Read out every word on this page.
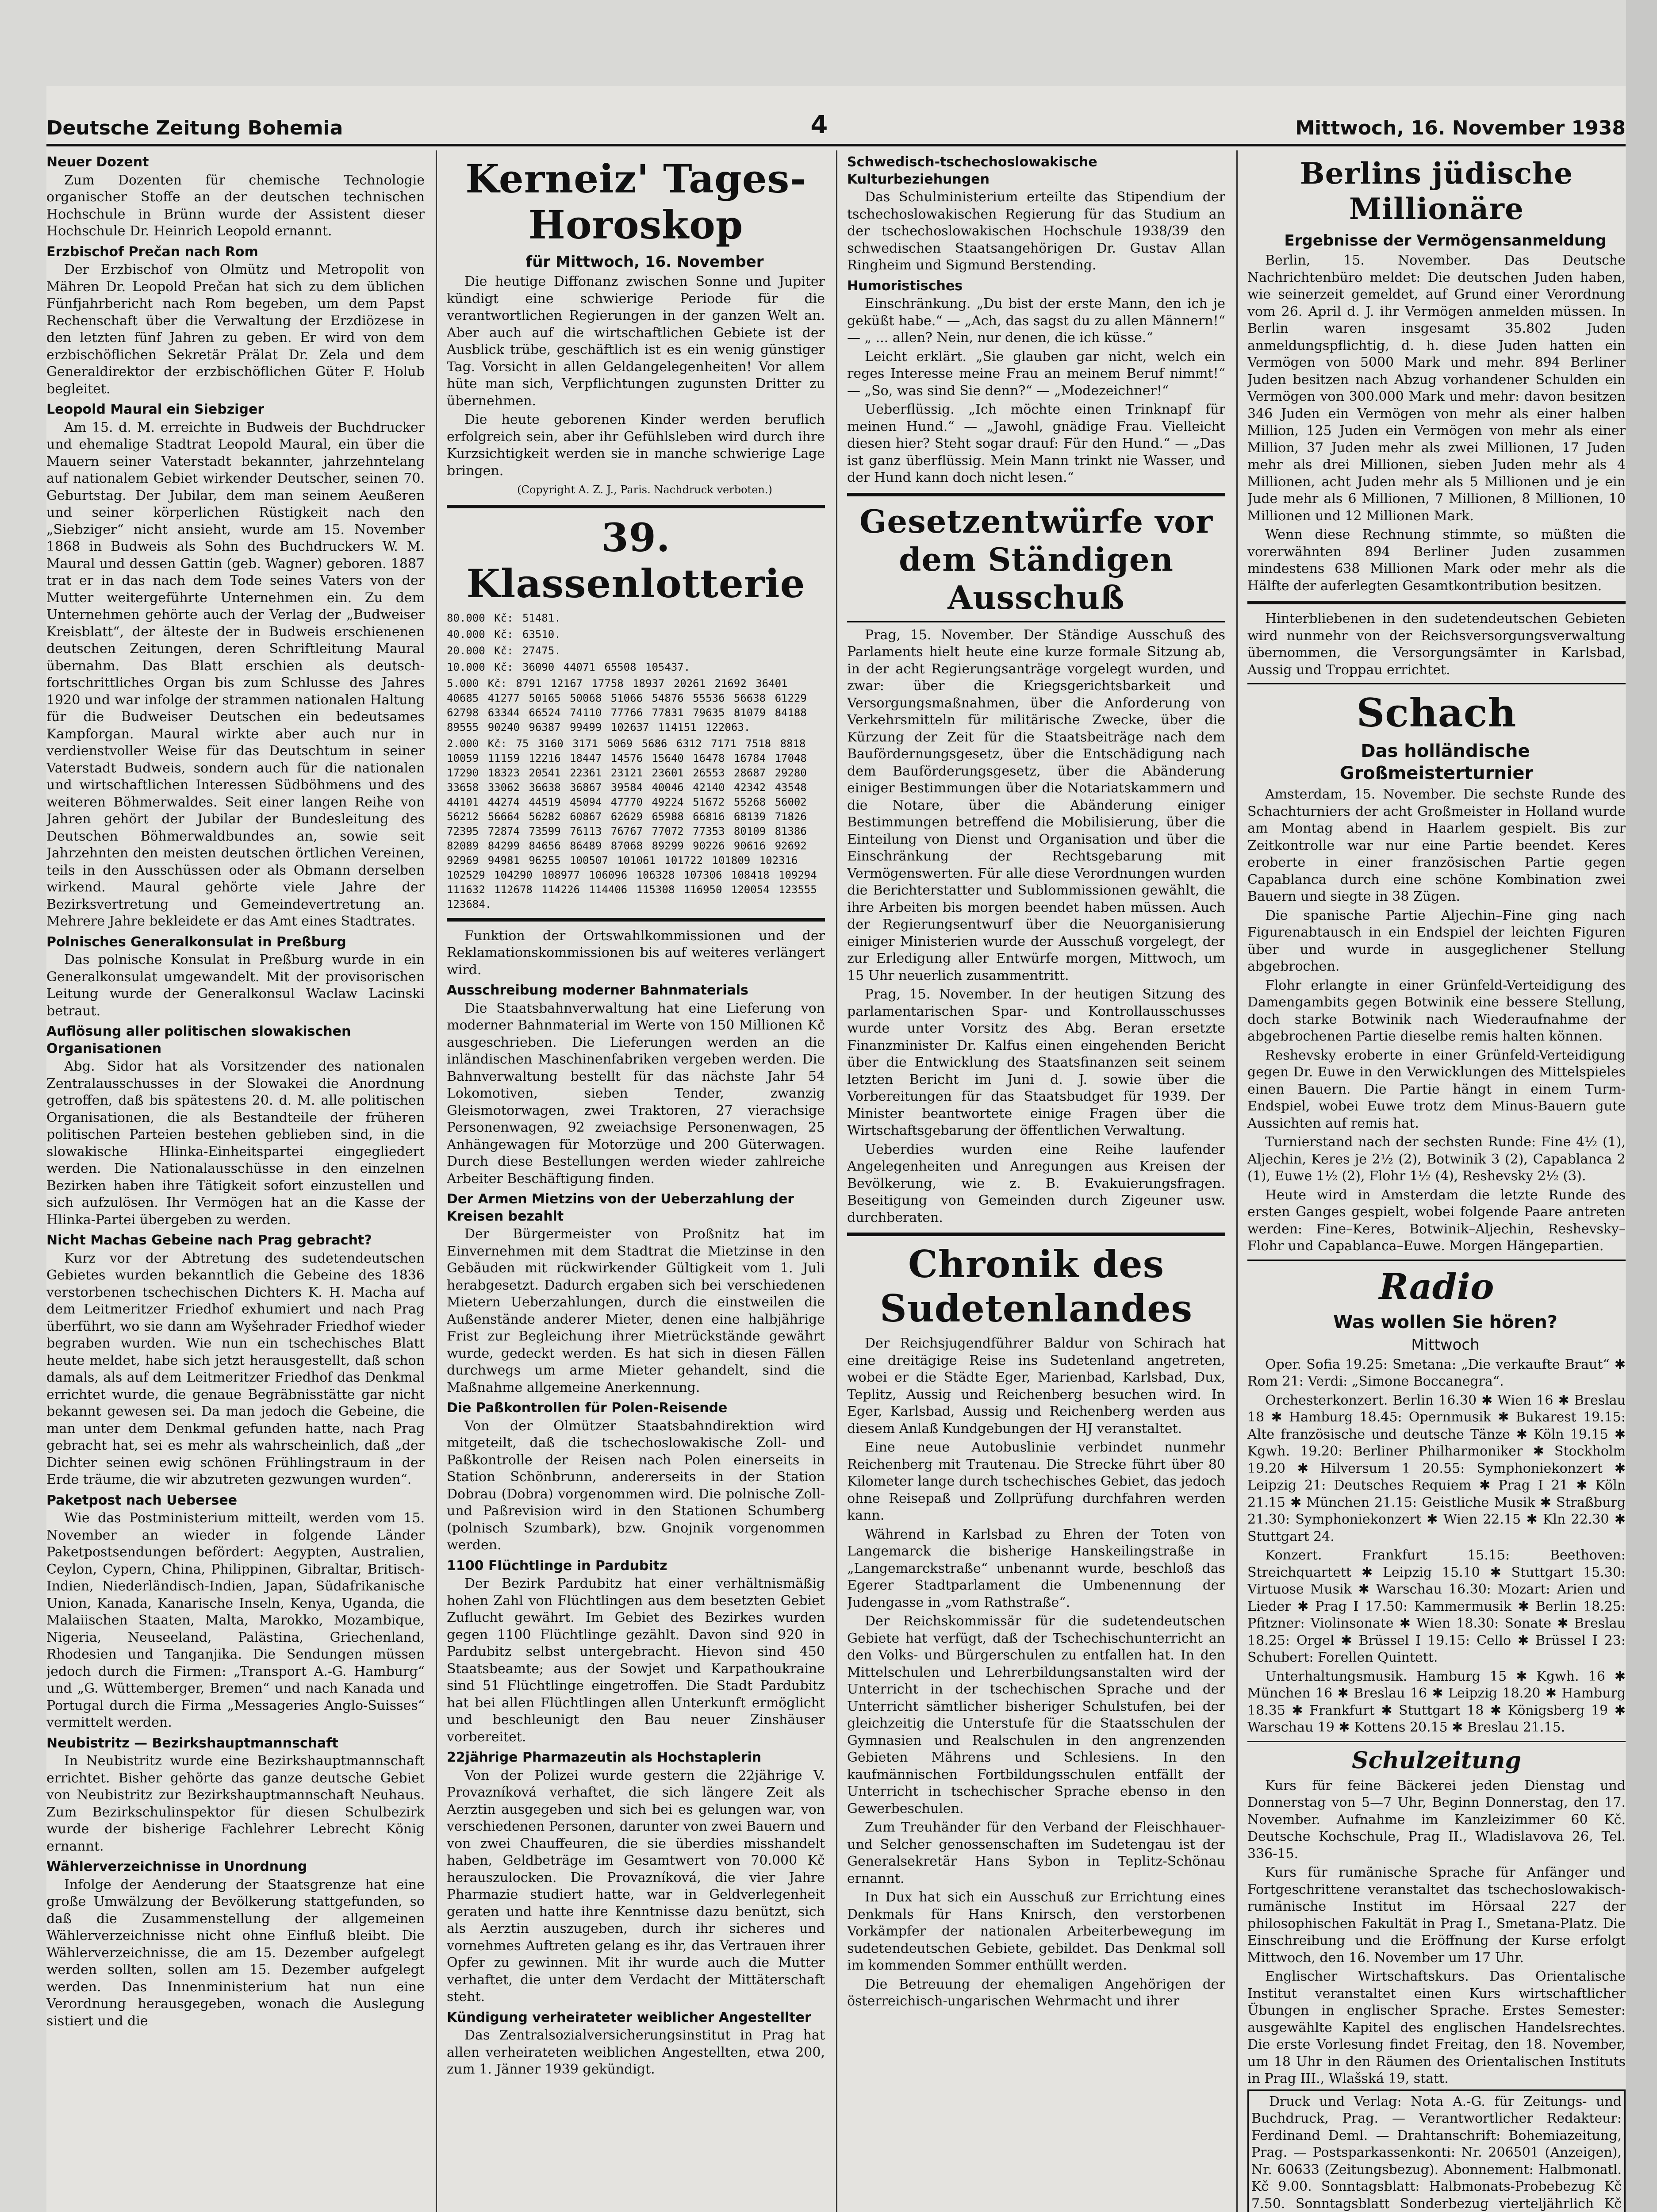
Deutsche Zeitung Bohemia	4	Mittwoch, 16. November 1938

Neuer Dozent

Zum Dozenten für chemische Technologie organischer Stoffe an der deutschen technischen Hochschule in Brünn wurde der Assistent dieser Hochschule Dr. Heinrich Leopold ernannt.

Erzbischof Prečan nach Rom

Der Erzbischof von Olmütz und Metropolit von Mähren Dr. Leopold Prečan hat sich zu dem üblichen Fünfjahrbericht nach Rom begeben, um dem Papst Rechenschaft über die Verwaltung der Erzdiözese in den letzten fünf Jahren zu geben. Er wird von dem erzbischöflichen Sekretär Prälat Dr. Zela und dem Generaldirektor der erzbischöflichen Güter F. Holub begleitet.

Leopold Maural ein Siebziger

Am 15. d. M. erreichte in Budweis der Buchdrucker und ehemalige Stadtrat Leopold Maural, ein über die Mauern seiner Vaterstadt bekannter, jahrzehntelang auf nationalem Gebiet wirkender Deutscher, seinen 70. Geburtstag. Der Jubilar, dem man seinem Aeußeren und seiner körperlichen Rüstigkeit nach den „Siebziger“ nicht ansieht, wurde am 15. November 1868 in Budweis als Sohn des Buchdruckers W. M. Maural und dessen Gattin (geb. Wagner) geboren. 1887 trat er in das nach dem Tode seines Vaters von der Mutter weitergeführte Unternehmen ein. Zu dem Unternehmen gehörte auch der Verlag der „Budweiser Kreisblatt“, der älteste der in Budweis erschienenen deutschen Zeitungen, deren Schriftleitung Maural übernahm. Das Blatt erschien als deutsch-fortschrittliches Organ bis zum Schlusse des Jahres 1920 und war infolge der strammen nationalen Haltung für die Budweiser Deutschen ein bedeutsames Kampforgan. Maural wirkte aber auch nur in verdienstvoller Weise für das Deutschtum in seiner Vaterstadt Budweis, sondern auch für die nationalen und wirtschaftlichen Interessen Südböhmens und des weiteren Böhmerwaldes. Seit einer langen Reihe von Jahren gehört der Jubilar der Bundesleitung des Deutschen Böhmerwaldbundes an, sowie seit Jahrzehnten den meisten deutschen örtlichen Vereinen, teils in den Ausschüssen oder als Obmann derselben wirkend. Maural gehörte viele Jahre der Bezirksvertretung und Gemeindevertretung an. Mehrere Jahre bekleidete er das Amt eines Stadtrates.

Polnisches Generalkonsulat in Preßburg

Das polnische Konsulat in Preßburg wurde in ein Generalkonsulat umgewandelt. Mit der provisorischen Leitung wurde der Generalkonsul Waclaw Lacinski betraut.

Auflösung aller politischen slowakischen Organisationen

Abg. Sidor hat als Vorsitzender des nationalen Zentralausschusses in der Slowakei die Anordnung getroffen, daß bis spätestens 20. d. M. alle politischen Organisationen, die als Bestandteile der früheren politischen Parteien bestehen geblieben sind, in die slowakische Hlinka-Einheitspartei eingegliedert werden. Die Nationalausschüsse in den einzelnen Bezirken haben ihre Tätigkeit sofort einzustellen und sich aufzulösen. Ihr Vermögen hat an die Kasse der Hlinka-Partei übergeben zu werden.

Nicht Machas Gebeine nach Prag gebracht?

Kurz vor der Abtretung des sudetendeutschen Gebietes wurden bekanntlich die Gebeine des 1836 verstorbenen tschechischen Dichters K. H. Macha auf dem Leitmeritzer Friedhof exhumiert und nach Prag überführt, wo sie dann am Wyšehrader Friedhof wieder begraben wurden. Wie nun ein tschechisches Blatt heute meldet, habe sich jetzt herausgestellt, daß schon damals, als auf dem Leitmeritzer Friedhof das Denkmal errichtet wurde, die genaue Begräbnisstätte gar nicht bekannt gewesen sei. Da man jedoch die Gebeine, die man unter dem Denkmal gefunden hatte, nach Prag gebracht hat, sei es mehr als wahrscheinlich, daß „der Dichter seinen ewig schönen Frühlingstraum in der Erde träume, die wir abzutreten gezwungen wurden“.

Paketpost nach Uebersee

Wie das Postministerium mitteilt, werden vom 15. November an wieder in folgende Länder Paketpostsendungen befördert: Aegypten, Australien, Ceylon, Cypern, China, Philippinen, Gibraltar, Britisch-Indien, Niederländisch-Indien, Japan, Südafrikanische Union, Kanada, Kanarische Inseln, Kenya, Uganda, die Malaiischen Staaten, Malta, Marokko, Mozambique, Nigeria, Neuseeland, Palästina, Griechenland, Rhodesien und Tanganjika. Die Sendungen müssen jedoch durch die Firmen: „Transport A.-G. Hamburg“ und „G. Wüttemberger, Bremen“ und nach Kanada und Portugal durch die Firma „Messageries Anglo-Suisses“ vermittelt werden.

Neubistritz — Bezirkshauptmannschaft

In Neubistritz wurde eine Bezirkshauptmannschaft errichtet. Bisher gehörte das ganze deutsche Gebiet von Neubistritz zur Bezirkshauptmannschaft Neuhaus. Zum Bezirkschulinspektor für diesen Schulbezirk wurde der bisherige Fachlehrer Lebrecht König ernannt.

Wählerverzeichnisse in Unordnung

Infolge der Aenderung der Staatsgrenze hat eine große Umwälzung der Bevölkerung stattgefunden, so daß die Zusammenstellung der allgemeinen Wählerverzeichnisse nicht ohne Einfluß bleibt. Die Wählerverzeichnisse, die am 15. Dezember aufgelegt werden sollten, sollen am 15. Dezember aufgelegt werden. Das Innenministerium hat nun eine Verordnung herausgegeben, wonach die Auslegung sistiert und die

Kerneiz' Tages-Horoskop

für Mittwoch, 16. November

Die heutige Diffonanz zwischen Sonne und Jupiter kündigt eine schwierige Periode für die verantwortlichen Regierungen in der ganzen Welt an. Aber auch auf die wirtschaftlichen Gebiete ist der Ausblick trübe, geschäftlich ist es ein wenig günstiger Tag. Vorsicht in allen Geldangelegenheiten! Vor allem hüte man sich, Verpflichtungen zugunsten Dritter zu übernehmen.

Die heute geborenen Kinder werden beruflich erfolgreich sein, aber ihr Gefühlsleben wird durch ihre Kurzsichtigkeit werden sie in manche schwierige Lage bringen.

(Copyright A. Z. J., Paris. Nachdruck verboten.)

39. Klassenlotterie

80.000 Kč: 51481.

40.000 Kč: 63510.

20.000 Kč: 27475.

10.000 Kč: 36090 44071 65508 105437.

5.000 Kč: 8791 12167 17758 18937 20261 21692 36401 40685 41277 50165 50068 51066 54876 55536 56638 61229 62798 63344 66524 74110 77766 77831 79635 81079 84188 89555 90240 96387 99499 102637 114151 122063.

2.000 Kč: 75 3160 3171 5069 5686 6312 7171 7518 8818 10059 11159 12216 18447 14576 15640 16478 16784 17048 17290 18323 20541 22361 23121 23601 26553 28687 29280 33658 33062 36638 36867 39584 40046 42140 42342 43548 44101 44274 44519 45094 47770 49224 51672 55268 56002 56212 56664 56282 60867 62629 65988 66816 68139 71826 72395 72874 73599 76113 76767 77072 77353 80109 81386 82089 84299 84656 86489 87068 89299 90226 90616 92692 92969 94981 96255 100507 101061 101722 101809 102316 102529 104290 108977 106096 106328 107306 108418 109294 111632 112678 114226 114406 115308 116950 120054 123555 123684.

Funktion der Ortswahlkommissionen und der Reklamationskommissionen bis auf weiteres verlängert wird.

Ausschreibung moderner Bahnmaterials

Die Staatsbahnverwaltung hat eine Lieferung von moderner Bahnmaterial im Werte von 150 Millionen Kč ausgeschrieben. Die Lieferungen werden an die inländischen Maschinenfabriken vergeben werden. Die Bahnverwaltung bestellt für das nächste Jahr 54 Lokomotiven, sieben Tender, zwanzig Gleismotorwagen, zwei Traktoren, 27 vierachsige Personenwagen, 92 zweiachsige Personenwagen, 25 Anhängewagen für Motorzüge und 200 Güterwagen. Durch diese Bestellungen werden wieder zahlreiche Arbeiter Beschäftigung finden.

Der Armen Mietzins von der Ueberzahlung der Kreisen bezahlt

Der Bürgermeister von Proßnitz hat im Einvernehmen mit dem Stadtrat die Mietzinse in den Gebäuden mit rückwirkender Gültigkeit vom 1. Juli herabgesetzt. Dadurch ergaben sich bei verschiedenen Mietern Ueberzahlungen, durch die einstweilen die Außenstände anderer Mieter, denen eine halbjährige Frist zur Begleichung ihrer Mietrückstände gewährt wurde, gedeckt werden. Es hat sich in diesen Fällen durchwegs um arme Mieter gehandelt, sind die Maßnahme allgemeine Anerkennung.

Die Paßkontrollen für Polen-Reisende

Von der Olmützer Staatsbahndirektion wird mitgeteilt, daß die tschechoslowakische Zoll- und Paßkontrolle der Reisen nach Polen einerseits in Station Schönbrunn, andererseits in der Station Dobrau (Dobra) vorgenommen wird. Die polnische Zoll- und Paßrevision wird in den Stationen Schumberg (polnisch Szumbark), bzw. Gnojnik vorgenommen werden.

1100 Flüchtlinge in Pardubitz

Der Bezirk Pardubitz hat einer verhältnismäßig hohen Zahl von Flüchtlingen aus dem besetzten Gebiet Zuflucht gewährt. Im Gebiet des Bezirkes wurden gegen 1100 Flüchtlinge gezählt. Davon sind 920 in Pardubitz selbst untergebracht. Hievon sind 450 Staatsbeamte; aus der Sowjet und Karpathoukraine sind 51 Flüchtlinge eingetroffen. Die Stadt Pardubitz hat bei allen Flüchtlingen allen Unterkunft ermöglicht und beschleunigt den Bau neuer Zinshäuser vorbereitet.

22jährige Pharmazeutin als Hochstaplerin

Von der Polizei wurde gestern die 22jährige V. Provazníková verhaftet, die sich längere Zeit als Aerztin ausgegeben und sich bei es gelungen war, von verschiedenen Personen, darunter von zwei Bauern und von zwei Chauffeuren, die sie überdies misshandelt haben, Geldbeträge im Gesamtwert von 70.000 Kč herauszulocken. Die Provazníková, die vier Jahre Pharmazie studiert hatte, war in Geldverlegenheit geraten und hatte ihre Kenntnisse dazu benützt, sich als Aerztin auszugeben, durch ihr sicheres und vornehmes Auftreten gelang es ihr, das Vertrauen ihrer Opfer zu gewinnen. Mit ihr wurde auch die Mutter verhaftet, die unter dem Verdacht der Mittäterschaft steht.

Kündigung verheirateter weiblicher Angestellter

Das Zentralsozialversicherungsinstitut in Prag hat allen verheirateten weiblichen Angestellten, etwa 200, zum 1. Jänner 1939 gekündigt.

Schwedisch-tschechoslowakische Kulturbeziehungen

Das Schulministerium erteilte das Stipendium der tschechoslowakischen Regierung für das Studium an der tschechoslowakischen Hochschule 1938/39 den schwedischen Staatsangehörigen Dr. Gustav Allan Ringheim und Sigmund Berstending.

Humoristisches

Einschränkung. „Du bist der erste Mann, den ich je geküßt habe.“ — „Ach, das sagst du zu allen Männern!“ — „ ... allen? Nein, nur denen, die ich küsse.“

Leicht erklärt. „Sie glauben gar nicht, welch ein reges Interesse meine Frau an meinem Beruf nimmt!“ — „So, was sind Sie denn?“ — „Modezeichner!“

Ueberflüssig. „Ich möchte einen Trinknapf für meinen Hund.“ — „Jawohl, gnädige Frau. Vielleicht diesen hier? Steht sogar drauf: Für den Hund.“ — „Das ist ganz überflüssig. Mein Mann trinkt nie Wasser, und der Hund kann doch nicht lesen.“

Gesetzentwürfe vor dem Ständigen Ausschuß

Prag, 15. November. Der Ständige Ausschuß des Parlaments hielt heute eine kurze formale Sitzung ab, in der acht Regierungsanträge vorgelegt wurden, und zwar: über die Kriegsgerichtsbarkeit und Versorgungsmaßnahmen, über die Anforderung von Verkehrsmitteln für militärische Zwecke, über die Kürzung der Zeit für die Staatsbeiträge nach dem Baufördernungsgesetz, über die Entschädigung nach dem Bauförderungsgesetz, über die Abänderung einiger Bestimmungen über die Notariatskammern und die Notare, über die Abänderung einiger Bestimmungen betreffend die Mobilisierung, über die Einteilung von Dienst und Organisation und über die Einschränkung der Rechtsgebarung mit Vermögenswerten. Für alle diese Verordnungen wurden die Berichterstatter und Sublommissionen gewählt, die ihre Arbeiten bis morgen beendet haben müssen. Auch der Regierungsentwurf über die Neuorganisierung einiger Ministerien wurde der Ausschuß vorgelegt, der zur Erledigung aller Entwürfe morgen, Mittwoch, um 15 Uhr neuerlich zusammentritt.

Prag, 15. November. In der heutigen Sitzung des parlamentarischen Spar- und Kontrollausschusses wurde unter Vorsitz des Abg. Beran ersetzte Finanzminister Dr. Kalfus einen eingehenden Bericht über die Entwicklung des Staatsfinanzen seit seinem letzten Bericht im Juni d. J. sowie über die Vorbereitungen für das Staatsbudget für 1939. Der Minister beantwortete einige Fragen über die Wirtschaftsgebarung der öffentlichen Verwaltung.

Ueberdies wurden eine Reihe laufender Angelegenheiten und Anregungen aus Kreisen der Bevölkerung, wie z. B. Evakuierungsfragen. Beseitigung von Gemeinden durch Zigeuner usw. durchberaten.

Chronik des Sudetenlandes

Der Reichsjugendführer Baldur von Schirach hat eine dreitägige Reise ins Sudetenland angetreten, wobei er die Städte Eger, Marienbad, Karlsbad, Dux, Teplitz, Aussig und Reichenberg besuchen wird. In Eger, Karlsbad, Aussig und Reichenberg werden aus diesem Anlaß Kundgebungen der HJ veranstaltet.

Eine neue Autobuslinie verbindet nunmehr Reichenberg mit Trautenau. Die Strecke führt über 80 Kilometer lange durch tschechisches Gebiet, das jedoch ohne Reisepaß und Zollprüfung durchfahren werden kann.

Während in Karlsbad zu Ehren der Toten von Langemarck die bisherige Hanskeilingstraße in „Langemarckstraße“ unbenannt wurde, beschloß das Egerer Stadtparlament die Umbenennung der Judengasse in „vom Rathstraße“.

Der Reichskommissär für die sudetendeutschen Gebiete hat verfügt, daß der Tschechischunterricht an den Volks- und Bürgerschulen zu entfallen hat. In den Mittelschulen und Lehrerbildungsanstalten wird der Unterricht in der tschechischen Sprache und der Unterricht sämtlicher bisheriger Schulstufen, bei der gleichzeitig die Unterstufe für die Staatsschulen der Gymnasien und Realschulen in den angrenzenden Gebieten Mährens und Schlesiens. In den kaufmännischen Fortbildungsschulen entfällt der Unterricht in tschechischer Sprache ebenso in den Gewerbeschulen.

Zum Treuhänder für den Verband der Fleischhauer- und Selcher genossenschaften im Sudetengau ist der Generalsekretär Hans Sybon in Teplitz-Schönau ernannt.

In Dux hat sich ein Ausschuß zur Errichtung eines Denkmals für Hans Knirsch, den verstorbenen Vorkämpfer der nationalen Arbeiterbewegung im sudetendeutschen Gebiete, gebildet. Das Denkmal soll im kommenden Sommer enthüllt werden.

Die Betreuung der ehemaligen Angehörigen der österreichisch-ungarischen Wehrmacht und ihrer

Berlins jüdische Millionäre

Ergebnisse der Vermögensanmeldung

Berlin, 15. November. Das Deutsche Nachrichtenbüro meldet: Die deutschen Juden haben, wie seinerzeit gemeldet, auf Grund einer Verordnung vom 26. April d. J. ihr Vermögen anmelden müssen. In Berlin waren insgesamt 35.802 Juden anmeldungspflichtig, d. h. diese Juden hatten ein Vermögen von 5000 Mark und mehr. 894 Berliner Juden besitzen nach Abzug vorhandener Schulden ein Vermögen von 300.000 Mark und mehr: davon besitzen 346 Juden ein Vermögen von mehr als einer halben Million, 125 Juden ein Vermögen von mehr als einer Million, 37 Juden mehr als zwei Millionen, 17 Juden mehr als drei Millionen, sieben Juden mehr als 4 Millionen, acht Juden mehr als 5 Millionen und je ein Jude mehr als 6 Millionen, 7 Millionen, 8 Millionen, 10 Millionen und 12 Millionen Mark.

Wenn diese Rechnung stimmte, so müßten die vorerwähnten 894 Berliner Juden zusammen mindestens 638 Millionen Mark oder mehr als die Hälfte der auferlegten Gesamtkontribution besitzen.

Hinterbliebenen in den sudetendeutschen Gebieten wird nunmehr von der Reichsversorgungsverwaltung übernommen, die Versorgungsämter in Karlsbad, Aussig und Troppau errichtet.

Schach

Das holländische Großmeisterturnier

Amsterdam, 15. November. Die sechste Runde des Schachturniers der acht Großmeister in Holland wurde am Montag abend in Haarlem gespielt. Bis zur Zeitkontrolle war nur eine Partie beendet. Keres eroberte in einer französischen Partie gegen Capablanca durch eine schöne Kombination zwei Bauern und siegte in 38 Zügen.

Die spanische Partie Aljechin–Fine ging nach Figurenabtausch in ein Endspiel der leichten Figuren über und wurde in ausgeglichener Stellung abgebrochen.

Flohr erlangte in einer Grünfeld-Verteidigung des Damengambits gegen Botwinik eine bessere Stellung, doch starke Botwinik nach Wiederaufnahme der abgebrochenen Partie dieselbe remis halten können.

Reshevsky eroberte in einer Grünfeld-Verteidigung gegen Dr. Euwe in den Verwicklungen des Mittelspieles einen Bauern. Die Partie hängt in einem Turm-Endspiel, wobei Euwe trotz dem Minus-Bauern gute Aussichten auf remis hat.

Turnierstand nach der sechsten Runde: Fine 4½ (1), Aljechin, Keres je 2½ (2), Botwinik 3 (2), Capablanca 2 (1), Euwe 1½ (2), Flohr 1½ (4), Reshevsky 2½ (3).

Heute wird in Amsterdam die letzte Runde des ersten Ganges gespielt, wobei folgende Paare antreten werden: Fine–Keres, Botwinik–Aljechin, Reshevsky–Flohr und Capablanca–Euwe. Morgen Hängepartien.

Radio

Was wollen Sie hören?

Mittwoch

Oper. Sofia 19.25: Smetana: „Die verkaufte Braut“ ✱ Rom 21: Verdi: „Simone Boccanegra“.

Orchesterkonzert. Berlin 16.30 ✱ Wien 16 ✱ Breslau 18 ✱ Hamburg 18.45: Opernmusik ✱ Bukarest 19.15: Alte französische und deutsche Tänze ✱ Köln 19.15 ✱ Kgwh. 19.20: Berliner Philharmoniker ✱ Stockholm 19.20 ✱ Hilversum 1 20.55: Symphoniekonzert ✱ Leipzig 21: Deutsches Requiem ✱ Prag I 21 ✱ Köln 21.15 ✱ München 21.15: Geistliche Musik ✱ Straßburg 21.30: Symphoniekonzert ✱ Wien 22.15 ✱ Kln 22.30 ✱ Stuttgart 24.

Konzert. Frankfurt 15.15: Beethoven: Streichquartett ✱ Leipzig 15.10 ✱ Stuttgart 15.30: Virtuose Musik ✱ Warschau 16.30: Mozart: Arien und Lieder ✱ Prag I 17.50: Kammermusik ✱ Berlin 18.25: Pfitzner: Violinsonate ✱ Wien 18.30: Sonate ✱ Breslau 18.25: Orgel ✱ Brüssel I 19.15: Cello ✱ Brüssel I 23: Schubert: Forellen Quintett.

Unterhaltungsmusik. Hamburg 15 ✱ Kgwh. 16 ✱ München 16 ✱ Breslau 16 ✱ Leipzig 18.20 ✱ Hamburg 18.35 ✱ Frankfurt ✱ Stuttgart 18 ✱ Königsberg 19 ✱ Warschau 19 ✱ Kottens 20.15 ✱ Breslau 21.15.

Schulzeitung

Kurs für feine Bäckerei jeden Dienstag und Donnerstag von 5—7 Uhr, Beginn Donnerstag, den 17. November. Aufnahme im Kanzleizimmer 60 Kč. Deutsche Kochschule, Prag II., Wladislavova 26, Tel. 336-15.

Kurs für rumänische Sprache für Anfänger und Fortgeschrittene veranstaltet das tschechoslowakisch-rumänische Institut im Hörsaal 227 der philosophischen Fakultät in Prag I., Smetana-Platz. Die Einschreibung und die Eröffnung der Kurse erfolgt Mittwoch, den 16. November um 17 Uhr.

Englischer Wirtschaftskurs. Das Orientalische Institut veranstaltet einen Kurs wirtschaftlicher Übungen in englischer Sprache. Erstes Semester: ausgewählte Kapitel des englischen Handelsrechtes. Die erste Vorlesung findet Freitag, den 18. November, um 18 Uhr in den Räumen des Orientalischen Instituts in Prag III., Wlašská 19, statt.

Druck und Verlag: Nota A.-G. für Zeitungs- und Buchdruck, Prag. — Verantwortlicher Redakteur: Ferdinand Deml. — Drahtanschrift: Bohemiazeitung, Prag. — Postsparkassenkonti: Nr. 206501 (Anzeigen), Nr. 60633 (Zeitungsbezug). Abonnement: Halbmonatl. Kč 9.00. Sonntagsblatt: Halbmonats-Probebezug Kč 7.50. Sonntagsblatt Sonderbezug vierteljährlich Kč
